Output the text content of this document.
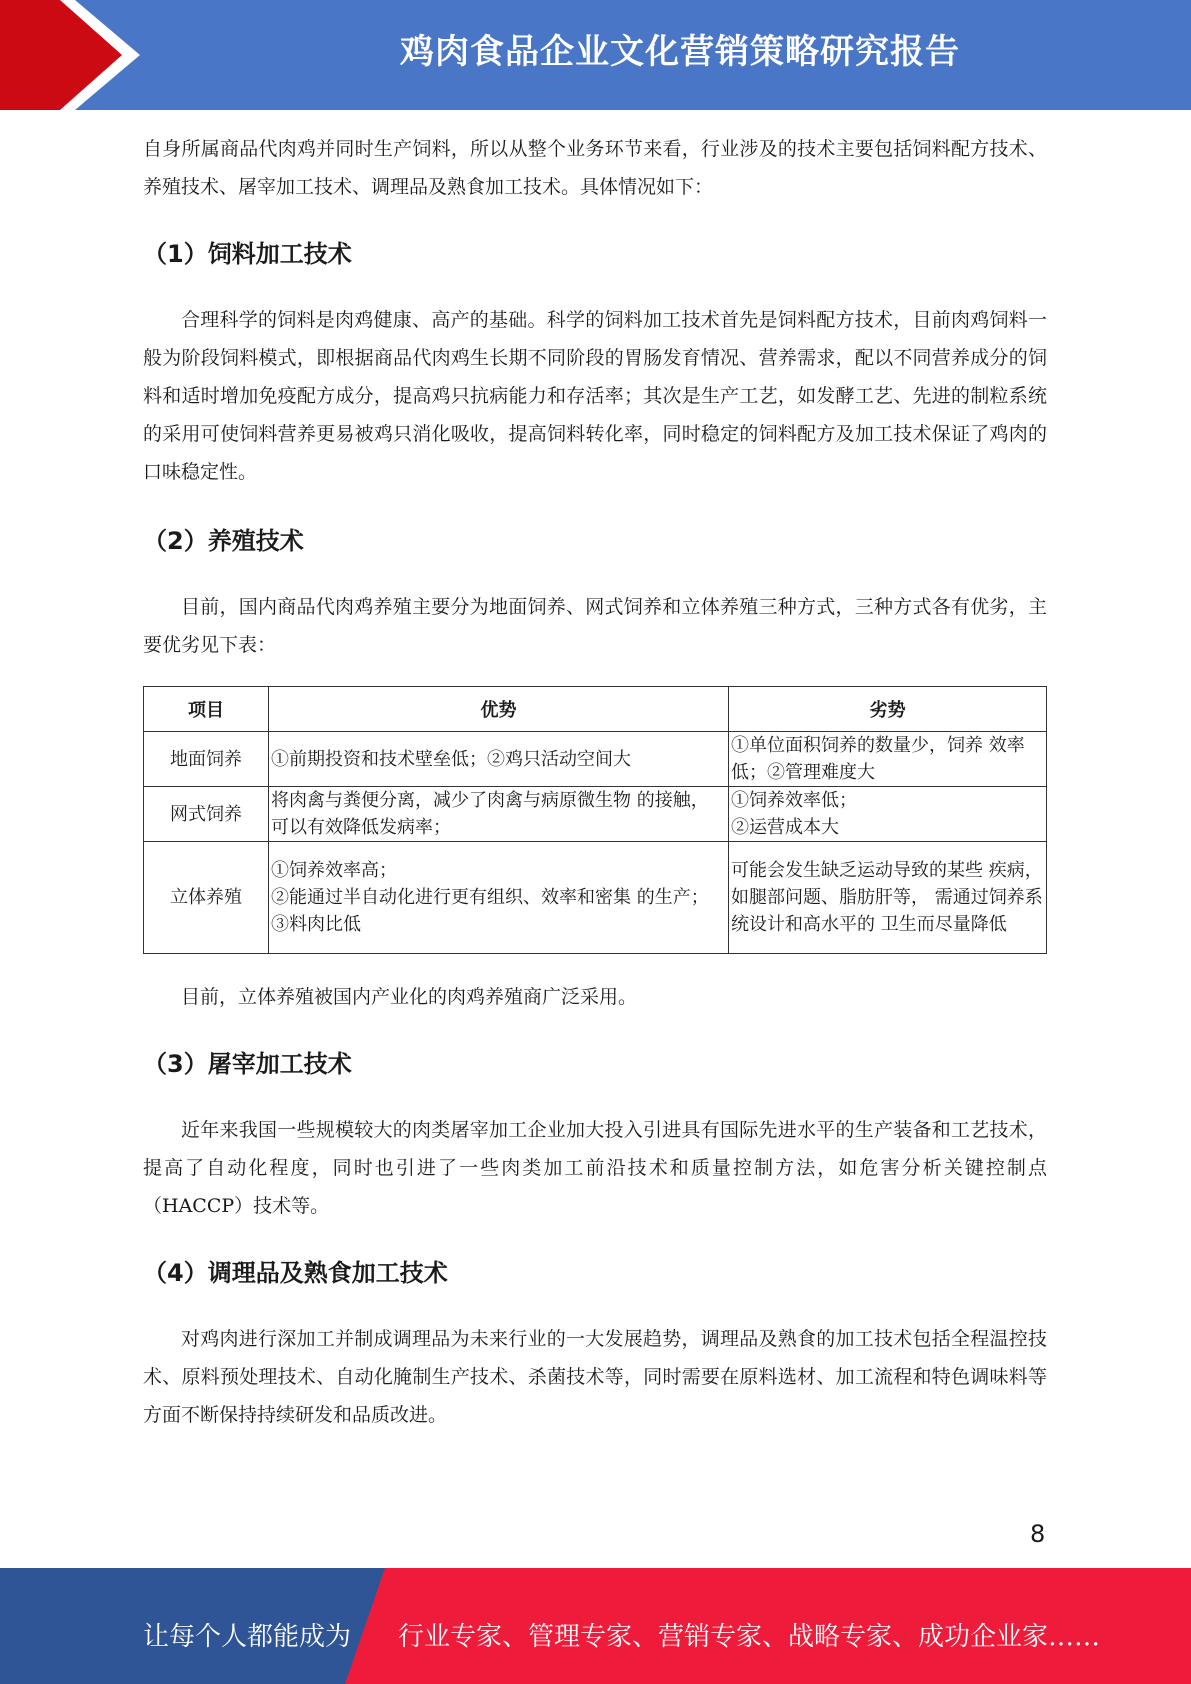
鸡肉食品企业文化营销策略研究报告

自身所属商品代肉鸡并同时生产饲料，所以从整个业务环节来看，行业涉及的技术主要包括饲料配方技术、养殖技术、屠宰加工技术、调理品及熟食加工技术。具体情况如下：

（1）饲料加工技术

合理科学的饲料是肉鸡健康、高产的基础。科学的饲料加工技术首先是饲料配方技术，目前肉鸡饲料一般为阶段饲料模式，即根据商品代肉鸡生长期不同阶段的胃肠发育情况、营养需求，配以不同营养成分的饲料和适时增加免疫配方成分，提高鸡只抗病能力和存活率；其次是生产工艺，如发酵工艺、先进的制粒系统的采用可使饲料营养更易被鸡只消化吸收，提高饲料转化率，同时稳定的饲料配方及加工技术保证了鸡肉的口味稳定性。

（2）养殖技术

目前，国内商品代肉鸡养殖主要分为地面饲养、网式饲养和立体养殖三种方式，三种方式各有优劣，主要优劣见下表：

项目	优势	劣势
地面饲养	①前期投资和技术壁垒低；②鸡只活动空间大	①单位面积饲养的数量少，饲养 效率低；②管理难度大

网式饲养	将肉禽与粪便分离，减少了肉禽与病原微生物 的接触，可以有效降低发病率；	①饲养效率低；
②运营成本大

立体养殖	①饲养效率高；
②能通过半自动化进行更有组织、效率和密集 的生产；
③料肉比低	可能会发生缺乏运动导致的某些 疾病，如腿部问题、脂肪肝等， 需通过饲养系统设计和高水平的 卫生而尽量降低

目前，立体养殖被国内产业化的肉鸡养殖商广泛采用。

（3）屠宰加工技术

近年来我国一些规模较大的肉类屠宰加工企业加大投入引进具有国际先进水平的生产装备和工艺技术，提高了自动化程度，同时也引进了一些肉类加工前沿技术和质量控制方法，如危害分析关键控制点（HACCP）技术等。

（4）调理品及熟食加工技术

对鸡肉进行深加工并制成调理品为未来行业的一大发展趋势，调理品及熟食的加工技术包括全程温控技术、原料预处理技术、自动化腌制生产技术、杀菌技术等，同时需要在原料选材、加工流程和特色调味料等方面不断保持持续研发和品质改进。

8
让每个人都能成为 行业专家、管理专家、营销专家、战略专家、成功企业家……
